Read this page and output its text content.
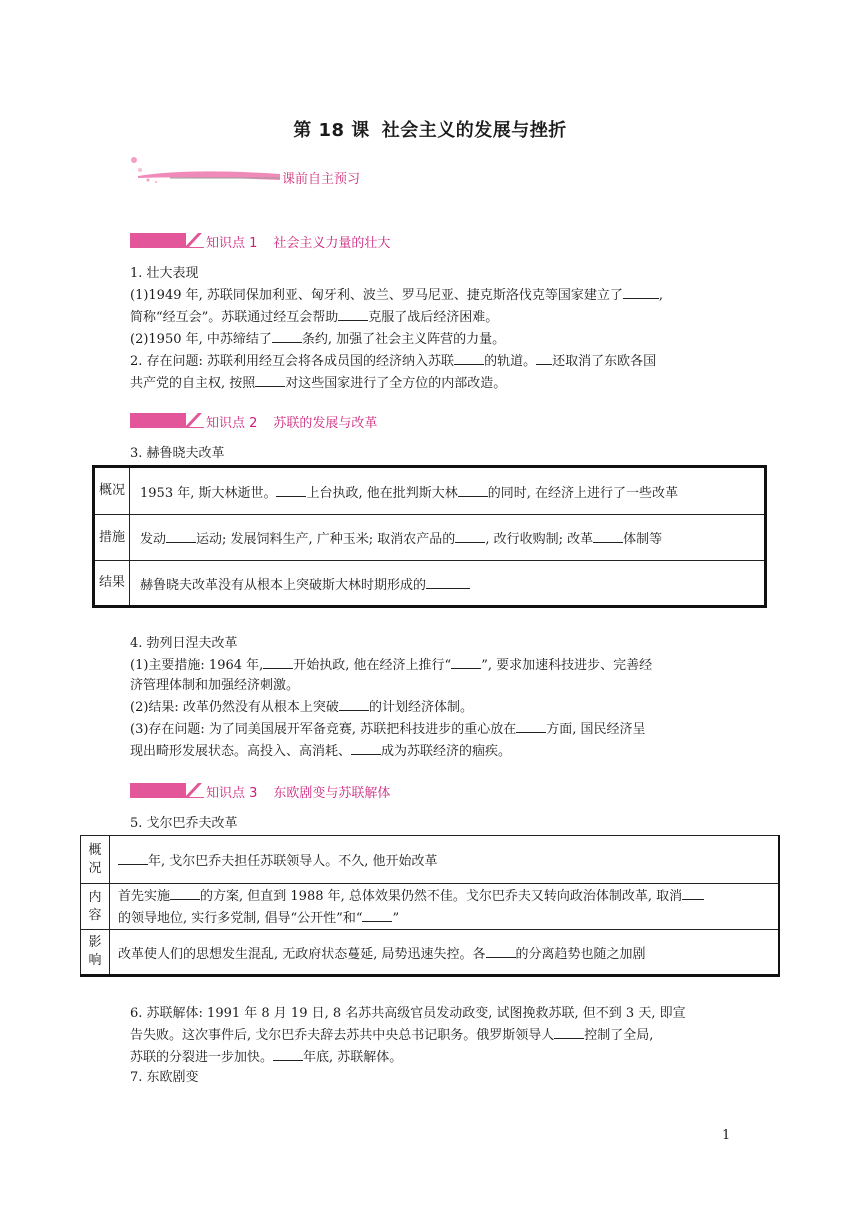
第 18 课 社会主义的发展与挫折
课前自主预习
知识点 1 社会主义力量的壮大
1. 壮大表现
(1)1949 年, 苏联同保加利亚、匈牙利、波兰、罗马尼亚、捷克斯洛伐克等国家建立了	,
简称“经互会”。苏联通过经互会帮助 克服了战后经济困难。
(2)1950 年, 中苏缔结了 条约, 加强了社会主义阵营的力量。
2. 存在问题: 苏联利用经互会将各成员国的经济纳入苏联 的轨道。 还取消了东欧各国
共产党的自主权, 按照 对这些国家进行了全方位的内部改造。
知识点 2 苏联的发展与改革
3. 赫鲁晓夫改革
概况	1953 年, 斯大林逝世。 上台执政, 他在批判斯大林 的同时, 在经济上进行了一些改革
措施	发动 运动; 发展饲料生产, 广种玉米; 取消农产品的 , 改行收购制; 改革 体制等
结果	赫鲁晓夫改革没有从根本上突破斯大林时期形成的
4. 勃列日涅夫改革
(1)主要措施: 1964 年, 开始执政, 他在经济上推行“ ”, 要求加速科技进步、完善经
济管理体制和加强经济刺激。
(2)结果: 改革仍然没有从根本上突破 的计划经济体制。
(3)存在问题: 为了同美国展开军备竞赛, 苏联把科技进步的重心放在 方面, 国民经济呈
现出畸形发展状态。高投入、高消耗、 成为苏联经济的痼疾。
知识点 3 东欧剧变与苏联解体
5. 戈尔巴乔夫改革
概况	年, 戈尔巴乔夫担任苏联领导人。不久, 他开始改革
内容	首先实施 的方案, 但直到 1988 年, 总体效果仍然不佳。戈尔巴乔夫又转向政治体制改革, 取消
的领导地位, 实行多党制, 倡导“公开性”和“ ”
影响	改革使人们的思想发生混乱, 无政府状态蔓延, 局势迅速失控。各 的分离趋势也随之加剧
6. 苏联解体: 1991 年 8 月 19 日, 8 名苏共高级官员发动政变, 试图挽救苏联, 但不到 3 天, 即宣
告失败。这次事件后, 戈尔巴乔夫辞去苏共中央总书记职务。俄罗斯领导人 控制了全局,
苏联的分裂进一步加快。 年底, 苏联解体。
7. 东欧剧变
1
